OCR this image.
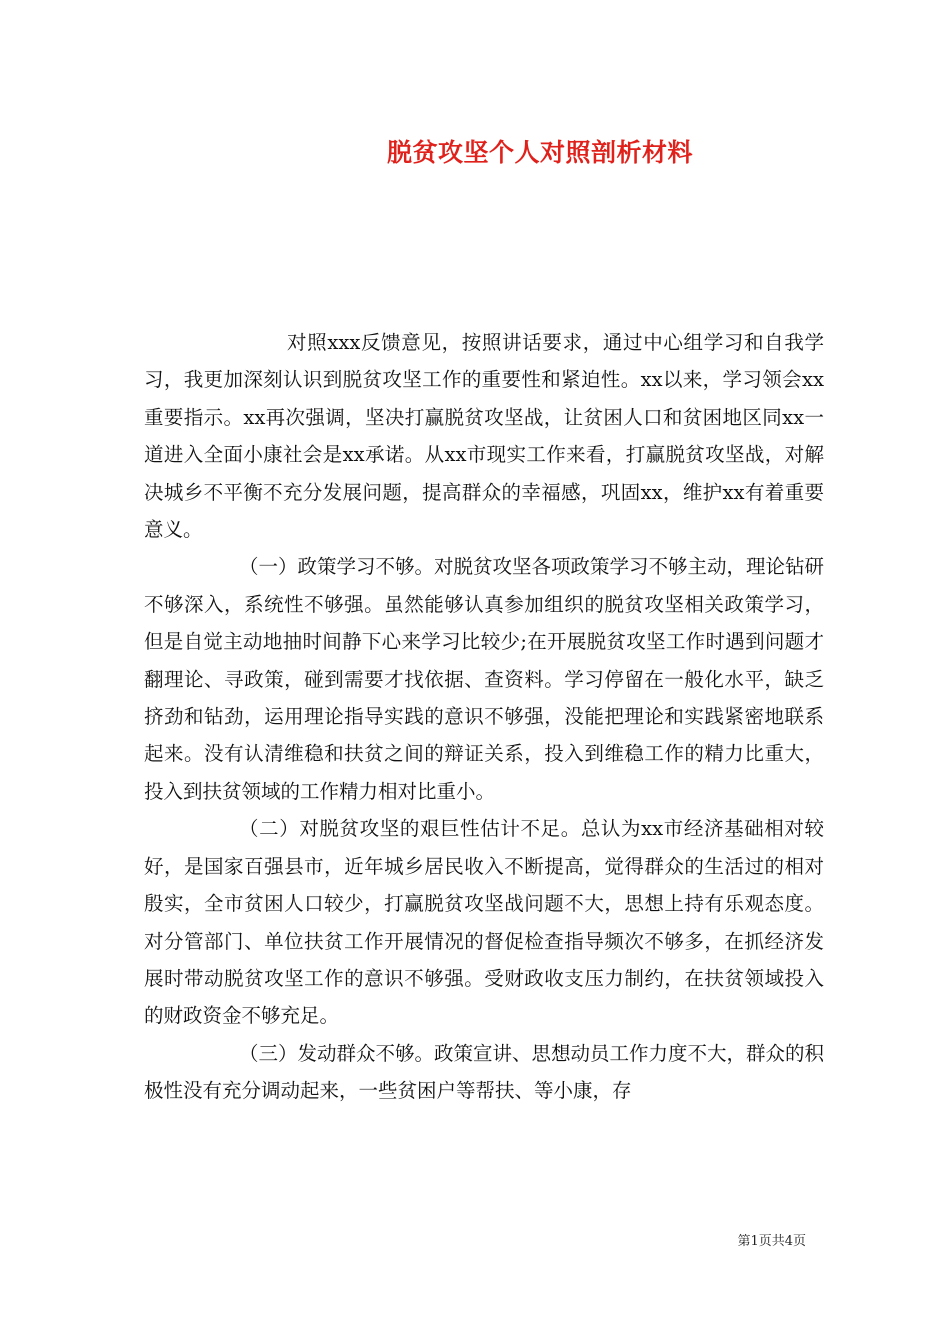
脱贫攻坚个人对照剖析材料

对照xxx反馈意见，按照讲话要求，通过中心组学习和自我学习，我更加深刻认识到脱贫攻坚工作的重要性和紧迫性。xx以来，学习领会xx重要指示。xx再次强调，坚决打赢脱贫攻坚战，让贫困人口和贫困地区同xx一道进入全面小康社会是xx承诺。从xx市现实工作来看，打赢脱贫攻坚战，对解决城乡不平衡不充分发展问题，提高群众的幸福感，巩固xx，维护xx有着重要意义。

（一）政策学习不够。对脱贫攻坚各项政策学习不够主动，理论钻研不够深入，系统性不够强。虽然能够认真参加组织的脱贫攻坚相关政策学习，但是自觉主动地抽时间静下心来学习比较少;在开展脱贫攻坚工作时遇到问题才翻理论、寻政策，碰到需要才找依据、查资料。学习停留在一般化水平，缺乏挤劲和钻劲，运用理论指导实践的意识不够强，没能把理论和实践紧密地联系起来。没有认清维稳和扶贫之间的辩证关系，投入到维稳工作的精力比重大，投入到扶贫领域的工作精力相对比重小。

（二）对脱贫攻坚的艰巨性估计不足。总认为xx市经济基础相对较好，是国家百强县市，近年城乡居民收入不断提高，觉得群众的生活过的相对殷实，全市贫困人口较少，打赢脱贫攻坚战问题不大，思想上持有乐观态度。对分管部门、单位扶贫工作开展情况的督促检查指导频次不够多，在抓经济发展时带动脱贫攻坚工作的意识不够强。受财政收支压力制约，在扶贫领域投入的财政资金不够充足。

（三）发动群众不够。政策宣讲、思想动员工作力度不大，群众的积极性没有充分调动起来，一些贫困户等帮扶、等小康，存

第1页共4页
